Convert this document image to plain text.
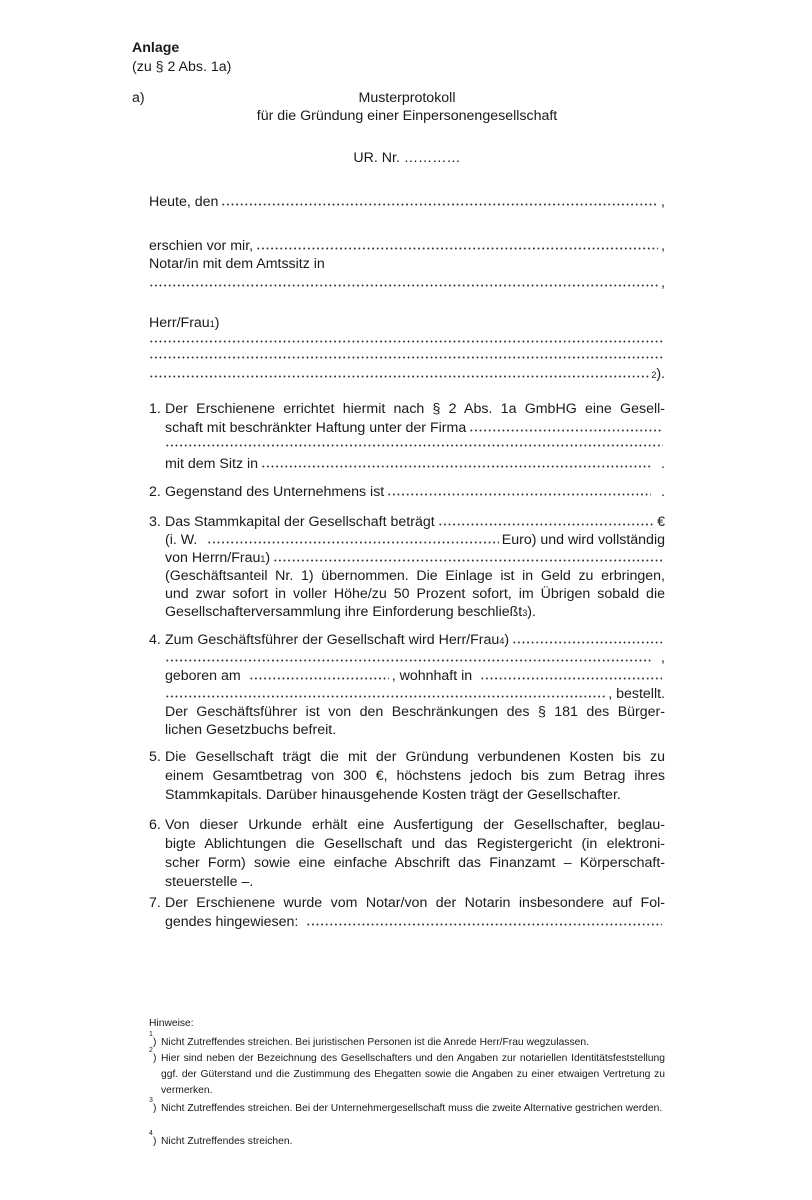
Anlage
(zu § 2 Abs. 1a)
a)	Musterprotokoll
für die Gründung einer Einpersonengesellschaft
UR. Nr. …………
Heute, den	,
erschien vor mir,	,
Notar/in mit dem Amtssitz in
,
Herr/Frau 1 )
2 ).
1. Der Erschienene errichtet hiermit nach § 2 Abs. 1a GmbHG eine Gesell-
schaft mit beschränkter Haftung unter der Firma
mit dem Sitz in	.
2. Gegenstand des Unternehmens ist	.
3. Das Stammkapital der Gesellschaft beträgt	€
(i. W.	Euro) und wird vollständig
von Herrn/Frau 1 )
(Geschäftsanteil Nr. 1) übernommen. Die Einlage ist in Geld zu erbringen,
und zwar sofort in voller Höhe/zu 50 Prozent sofort, im Übrigen sobald die
Gesellschafterversammlung ihre Einforderung beschließt 3 ).
4. Zum Geschäftsführer der Gesellschaft wird Herr/Frau 4 )
,
geboren am	, wohnhaft in
, bestellt.
Der Geschäftsführer ist von den Beschränkungen des § 181 des Bürger-
lichen Gesetzbuchs befreit.
5. Die Gesellschaft trägt die mit der Gründung verbundenen Kosten bis zu
einem Gesamtbetrag von 300 €, höchstens jedoch bis zum Betrag ihres
Stammkapitals. Darüber hinausgehende Kosten trägt der Gesellschafter.
6. Von dieser Urkunde erhält eine Ausfertigung der Gesellschafter, beglau-
bigte Ablichtungen die Gesellschaft und das Registergericht (in elektroni-
scher Form) sowie eine einfache Abschrift das Finanzamt – Körperschaft-
steuerstelle –.
7. Der Erschienene wurde vom Notar/von der Notarin insbesondere auf Fol-
gendes hingewiesen:
Hinweise:
1
) Nicht Zutreffendes streichen. Bei juristischen Personen ist die Anrede Herr/Frau wegzulassen.
2
) Hier sind neben der Bezeichnung des Gesellschafters und den Angaben zur notariellen Identitätsfeststellung ggf. der Güterstand und die Zustimmung des Ehegatten sowie die Angaben zu einer etwaigen Vertretung zu vermerken.
3
) Nicht Zutreffendes streichen. Bei der Unternehmergesellschaft muss die zweite Alternative gestrichen werden.
4
) Nicht Zutreffendes streichen.
